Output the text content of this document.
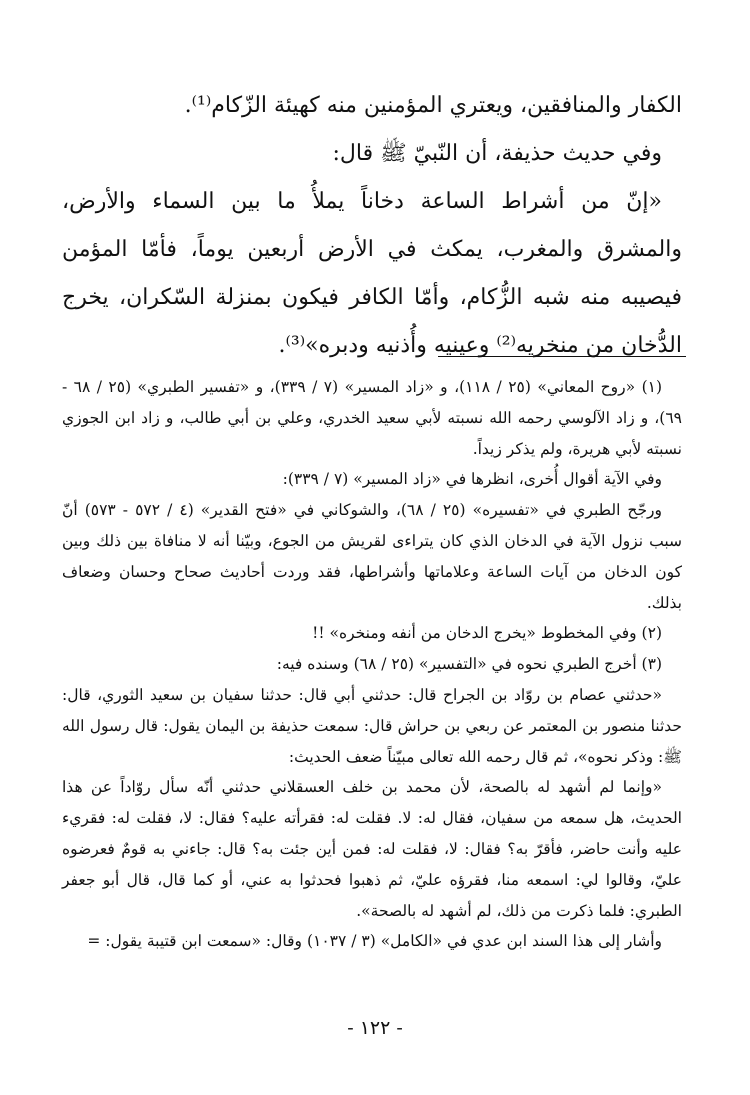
الكفار والمنافقين، ويعتري المؤمنين منه كهيئة الزّكام⁽¹⁾.

وفي حديث حذيفة، أن النّبيّ ﷺ قال:

«إنّ من أشراط الساعة دخاناً يملأُ ما بين السماء والأرض، والمشرق والمغرب، يمكث في الأرض أربعين يوماً، فأمّا المؤمن فيصيبه منه شبه الزُّكام، وأمّا الكافر فيكون بمنزلة السّكران، يخرج الدُّخان من منخريه⁽²⁾ وعينيه وأُذنيه ودبره»⁽³⁾.

(١) «روح المعاني» (٢٥ / ١١٨)، و «زاد المسير» (٧ / ٣٣٩)، و «تفسير الطبري» (٢٥ / ٦٨ - ٦٩)، و زاد الآلوسي رحمه الله نسبته لأبي سعيد الخدري، وعلي بن أبي طالب، و زاد ابن الجوزي نسبته لأبي هريرة، ولم يذكر زيداً.

وفي الآية أقوال أُخرى، انظرها في «زاد المسير» (٧ / ٣٣٩):

ورجّح الطبري في «تفسيره» (٢٥ / ٦٨)، والشوكاني في «فتح القدير» (٤ / ٥٧٢ - ٥٧٣) أنّ سبب نزول الآية في الدخان الذي كان يتراءى لقريش من الجوع، وبيّنا أنه لا منافاة بين ذلك وبين كون الدخان من آيات الساعة وعلاماتها وأشراطها، فقد وردت أحاديث صحاح وحسان وضعاف بذلك.

(٢) وفي المخطوط «يخرج الدخان من أنفه ومنخره» !!

(٣) أخرج الطبري نحوه في «التفسير» (٢٥ / ٦٨) وسنده فيه:

«حدثني عصام بن روّاد بن الجراح قال: حدثني أبي قال: حدثنا سفيان بن سعيد الثوري، قال: حدثنا منصور بن المعتمر عن ربعي بن حراش قال: سمعت حذيفة بن اليمان يقول: قال رسول الله ﷺ: وذكر نحوه»، ثم قال رحمه الله تعالى مبيّناً ضعف الحديث:

«وإنما لم أشهد له بالصحة، لأن محمد بن خلف العسقلاني حدثني أنّه سأل روّاداً عن هذا الحديث، هل سمعه من سفيان، فقال له: لا. فقلت له: فقرأته عليه؟ فقال: لا، فقلت له: فقريء عليه وأنت حاضر، فأقرّ به؟ فقال: لا، فقلت له: فمن أين جئت به؟ قال: جاءني به قومٌ فعرضوه عليّ، وقالوا لي: اسمعه منا، فقرؤه عليّ، ثم ذهبوا فحدثوا به عني، أو كما قال، قال أبو جعفر الطبري: فلما ذكرت من ذلك، لم أشهد له بالصحة».

وأشار إلى هذا السند ابن عدي في «الكامل» (٣ / ١٠٣٧) وقال: «سمعت ابن قتيبة يقول: =

- ١٢٢ -
